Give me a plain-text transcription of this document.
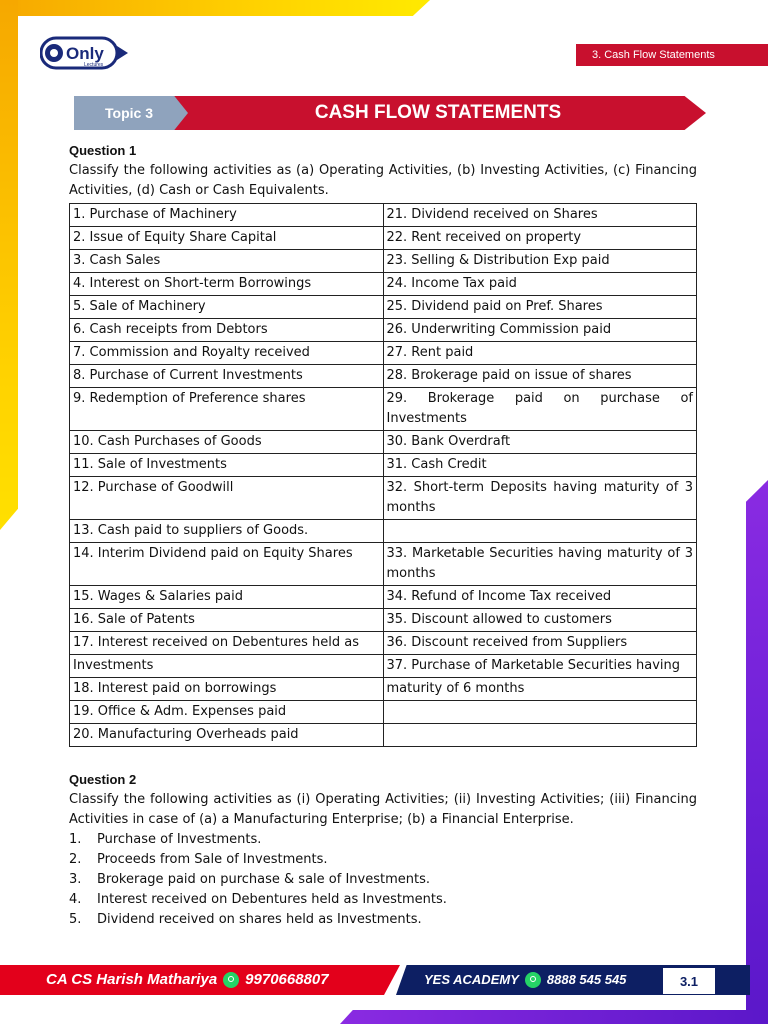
Only
Lectures
3. Cash Flow Statements
Topic 3	CASH FLOW STATEMENTS

Question 1

Classify the following activities as (a) Operating Activities, (b) Investing Activities, (c) Financing Activities, (d) Cash or Cash Equivalents.

1. Purchase of Machinery	21. Dividend received on Shares
2. Issue of Equity Share Capital	22. Rent received on property
3. Cash Sales	23. Selling & Distribution Exp paid
4. Interest on Short-term Borrowings	24. Income Tax paid
5. Sale of Machinery	25. Dividend paid on Pref. Shares
6. Cash receipts from Debtors	26. Underwriting Commission paid
7. Commission and Royalty received	27. Rent paid
8. Purchase of Current Investments	28. Brokerage paid on issue of shares
9. Redemption of Preference shares	29. Brokerage paid on purchase of Investments
10. Cash Purchases of Goods	30. Bank Overdraft
11. Sale of Investments	31. Cash Credit
12. Purchase of Goodwill	32. Short-term Deposits having maturity of 3 months
13. Cash paid to suppliers of Goods.	
14. Interim Dividend paid on Equity Shares	33. Marketable Securities having maturity of 3 months
15. Wages & Salaries paid	34. Refund of Income Tax received
16. Sale of Patents	35. Discount allowed to customers
17. Interest received on Debentures held as	36. Discount received from Suppliers
Investments	37. Purchase of Marketable Securities having
18. Interest paid on borrowings	maturity of 6 months
19. Office & Adm. Expenses paid	
20. Manufacturing Overheads paid	

Question 2

Classify the following activities as (i) Operating Activities; (ii) Investing Activities; (iii) Financing Activities in case of (a) a Manufacturing Enterprise; (b) a Financial Enterprise.

1.	Purchase of Investments.
2.	Proceeds from Sale of Investments.
3.	Brokerage paid on purchase & sale of Investments.
4.	Interest received on Debentures held as Investments.
5.	Dividend received on shares held as Investments.
CA CS Harish Mathariya 9970668807	YES ACADEMY 8888 545 545	3.1
